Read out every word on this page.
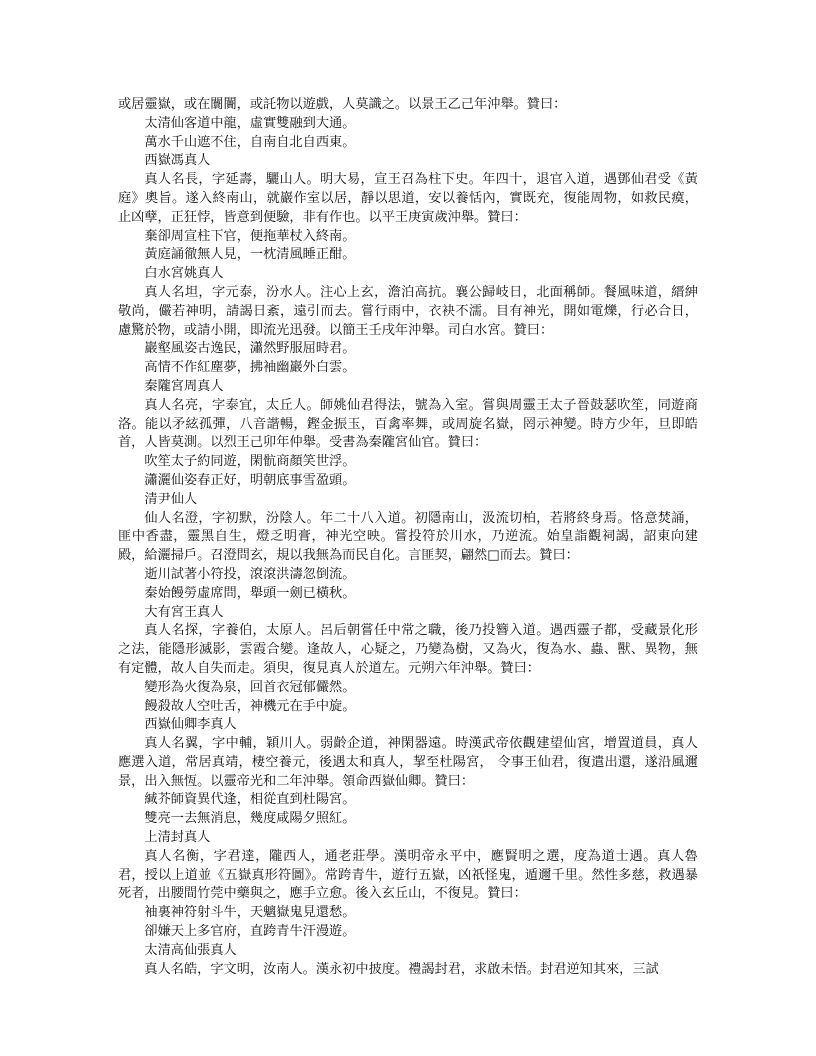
或居靈嶽，或在闤闠，或託物以遊戲，人莫識之。以景王乙己年沖舉。贊曰：
太清仙客道中龍，虛實雙融到大通。
萬水千山遮不住，自南自北自西東。
西嶽馮真人
真人名長，字延壽，驪山人。明大易，宣王召為柱下史。年四十，退官入道，遇鄧仙君受《黃庭》奧旨。遂入終南山，就巖作室以居，靜以思道，安以養恬內，實既充，復能周物，如救民瘼，止凶孽，正狂悖，皆意到便驗，非有作也。以平王庚寅歲沖舉。贊曰：
棄卻周宣柱下官，便拖華杖入終南。
黃庭誦徹無人見，一枕清風睡正酣。
白水宮姚真人
真人名坦，字元泰，汾水人。注心上玄，澹泊高抗。襄公歸岐日，北面稱師。餐風味道，縉紳敬尚，儼若神明，請謁日紊，遠引而去。嘗行雨中，衣袂不濡。目有神光，開如電爍，行必合日，慮驚於物，或請小開，即流光迅發。以簡王壬戌年沖舉。司白水宮。贊曰：
巖壑風姿古逸民，瀟然野服屈時君。
高情不作紅塵夢，拂袖幽巖外白雲。
秦隴宮周真人
真人名亮，字泰宜，太丘人。師姚仙君得法，號為入室。嘗與周靈王太子晉鼓瑟吹笙，同遊商洛。能以矛絃孤彈，八音諧暢，鏗金振玉，百禽率舞，或周旋名嶽，罔示神變。時方少年，旦即皓首，人皆莫測。以烈王己卯年仲舉。受書為秦隴宮仙官。贊曰：
吹笙太子約同遊，閑骯商顏笑世浮。
瀟灑仙姿春正好，明朝底事雪盈頭。
清尹仙人
仙人名澄，字初默，汾陰人。年二十八入道。初隱南山，汲流切柏，若將終身焉。恪意焚誦，匪中香盡，靈黑自生，燈乏明膏，神光空映。嘗投符於川水，乃逆流。始皇詣觀祠謁，詔東向建殿，給灑掃戶。召澄問玄，規以我無為而民自化。言匪契，翩然□而去。贊曰：
逝川試著小符投，滾滾洪濤忽倒流。
秦始饅勞虛席問，舉頭一劍已橫秋。
大有宮王真人
真人名探，字養伯，太原人。呂后朝嘗任中常之職，後乃投簪入道。遇西靈子都，受藏景化形之法，能隱形滅影，雲霞合變。逢故人，心疑之，乃變為樹，又為火，復為水、蟲、獸、異物，無有定體，故人自失而走。須臾，復見真人於道左。元朔六年沖舉。贊曰：
變形為火復為泉，回首衣冠郁儼然。
饅殺故人空吐舌，神機元在手中旋。
西嶽仙卿李真人
真人名翼，字中輔，穎川人。弱齡企道，神閑器遠。時漢武帝依觀建望仙宮，增置道員，真人應選入道，常居真靖，棲空養元，後遇太和真人，挈至杜陽宮， 令事王仙君，復遣出還，遂沿風邇景，出入無恆。以靈帝光和二年沖舉。領命西嶽仙卿。贊曰：
緘芥師資異代逢，相從直到杜陽宮。
雙亮一去無消息，幾度咸陽夕照紅。
上清封真人
真人名衡，字君達，隴西人，通老莊學。漢明帝永平中，應賢明之選，度為道士遇。真人魯君，授以上道並《五嶽真形符圖》。常跨青牛，遊行五嶽，凶祇怪鬼，遁邇千里。然性多慈，救遇暴死者，出腰間竹莞中藥與之，應手立愈。後入玄丘山，不復見。贊曰：
袖裏神符射斗牛，天魑嶽鬼見還愁。
卻嫌天上多官府，直跨青牛汗漫遊。
太清高仙張真人
真人名皓，字文明，汝南人。漢永初中披度。禮謁封君，求啟未悟。封君逆知其來，三試
